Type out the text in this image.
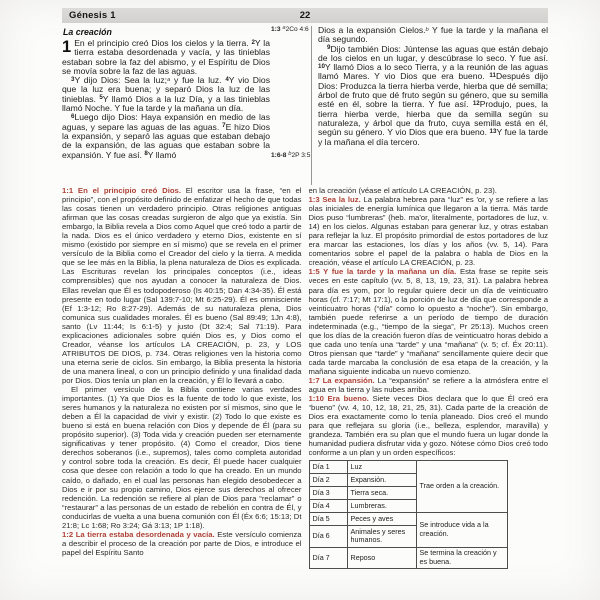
Génesis 1	22
La creación

1 En el principio creó Dios los cielos y la tierra. $^2$Y la tierra estaba desordenada y vacía, y las tinieblas estaban sobre la faz del abismo, y el Espíritu de Dios se movía sobre la faz de las aguas.

$^3$Y dijo Dios: Sea la luz;$^a$ y fue la luz. $^4$Y vio Dios que la luz era buena; y separó Dios la luz de las tinieblas. $^5$Y llamó Dios a la luz Día, y a las tinieblas llamó Noche. Y fue la tarde y la mañana un día.

$^6$Luego dijo Dios: Haya expansión en medio de las aguas, y separe las aguas de las aguas. $^7$E hizo Dios la expansión, y separó las aguas que estaban debajo de la expansión, de las aguas que estaban sobre la expansión. Y fue así. $^8$Y llamó

1:3 $^a$2Co 4:6
1:6-8 $^b$2P 3:5

Dios a la expansión Cielos.$^b$ Y fue la tarde y la mañana el día segundo.

$^9$Dijo también Dios: Júntense las aguas que están debajo de los cielos en un lugar, y descúbrase lo seco. Y fue así. $^{10}$Y llamó Dios a lo seco Tierra, y a la reunión de las aguas llamó Mares. Y vio Dios que era bueno. $^{11}$Después dijo Dios: Produzca la tierra hierba verde, hierba que dé semilla; árbol de fruto que dé fruto según su género, que su semilla esté en él, sobre la tierra. Y fue así. $^{12}$Produjo, pues, la tierra hierba verde, hierba que da semilla según su naturaleza, y árbol que da fruto, cuya semilla está en él, según su género. Y vio Dios que era bueno. $^{13}$Y fue la tarde y la mañana el día tercero.

1:1 En el principio creó Dios. El escritor usa la frase, “en el principio”, con el propósito definido de enfatizar el hecho de que todas las cosas tienen un verdadero principio. Otras religiones antiguas afirman que las cosas creadas surgieron de algo que ya existía. Sin embargo, la Biblia revela a Dios como Aquel que creó todo a partir de la nada. Dios es el único verdadero y eterno Dios, existente en sí mismo (existido por siempre en sí mismo) que se revela en el primer versículo de la Biblia como el Creador del cielo y la tierra. A medida que se lee más en la Biblia, la plena naturaleza de Dios es explicada. Las Escrituras revelan los principales conceptos (i.e., ideas comprensibles) que nos ayudan a conocer la naturaleza de Dios. Ellas revelan que Él es todopoderoso (Is 40:15; Dan 4:34-35). Él está presente en todo lugar (Sal 139:7-10; Mt 6:25-29). Él es omnisciente (Ef 1:3-12; Ro 8:27-29). Además de su naturaleza plena, Dios comunica sus cualidades morales. Él es bueno (Sal 89:49; 1Jn 4:8), santo (Lv 11:44; Is 6:1-5) y justo (Dt 32:4; Sal 71:19). Para explicaciones adicionales sobre quién Dios es, y Dios como el Creador, véanse los artículos LA CREACIÓN, p. 23, y LOS ATRIBUTOS DE DIOS, p. 734. Otras religiones ven la historia como una eterna serie de ciclos. Sin embargo, la Biblia presenta la historia de una manera lineal, o con un principio definido y una finalidad dada por Dios. Dios tenía un plan en la creación, y Él lo llevará a cabo.

El primer versículo de la Biblia contiene varias verdades importantes. (1) Ya que Dios es la fuente de todo lo que existe, los seres humanos y la naturaleza no existen por sí mismos, sino que le deben a Él la capacidad de vivir y existir. (2) Todo lo que existe es bueno si está en buena relación con Dios y depende de Él (para su propósito superior). (3) Toda vida y creación pueden ser eternamente significativas y tener propósito. (4) Como el creador, Dios tiene derechos soberanos (i.e., supremos), tales como completa autoridad y control sobre toda la creación. Es decir, Él puede hacer cualquier cosa que desee con relación a todo lo que ha creado. En un mundo caído, o dañado, en el cual las personas han elegido desobedecer a Dios e ir por su propio camino, Dios ejerce sus derechos al ofrecer redención. La redención se refiere al plan de Dios para “reclamar” o “restaurar” a las personas de un estado de rebelión en contra de Él, y conducirlas de vuelta a una buena comunión con Él (Éx 6:6; 15:13; Dt 21:8; Lc 1:68; Ro 3:24; Gá 3:13; 1P 1:18).

1:2 La tierra estaba desordenada y vacía. Este versículo comienza a describir el proceso de la creación por parte de Dios, e introduce el papel del Espíritu Santo

en la creación (véase el artículo LA CREACIÓN, p. 23).

1:3 Sea la luz. La palabra hebrea para “luz” es 'or, y se refiere a las olas iniciales de energía lumínica que llegaron a la tierra. Más tarde Dios puso “lumbreras” (heb. ma'or, literalmente, portadores de luz, v. 14) en los cielos. Algunas estaban para generar luz, y otras estaban para reflejar la luz. El propósito primordial de estos portadores de luz era marcar las estaciones, los días y los años (vv. 5, 14). Para comentarios sobre el papel de la palabra o habla de Dios en la creación, véase el artículo LA CREACIÓN, p. 23.

1:5 Y fue la tarde y la mañana un día. Esta frase se repite seis veces en este capítulo (vv. 5, 8, 13, 19, 23, 31). La palabra hebrea para día es yom, por lo regular quiere decir un día de veinticuatro horas (cf. 7:17; Mt 17:1), o la porción de luz de día que corresponde a veinticuatro horas (“día” como lo opuesto a “noche”). Sin embargo, también puede referirse a un período de tiempo de duración indeterminada (e.g., “tiempo de la siega”, Pr 25:13). Muchos creen que los días de la creación fueron días de veinticuatro horas debido a que cada uno tenía una “tarde” y una “mañana” (v. 5; cf. Éx 20:11). Otros piensan que “tarde” y “mañana” sencillamente quiere decir que cada tarde marcaba la conclusión de esa etapa de la creación, y la mañana siguiente indicaba un nuevo comienzo.

1:7 La expansión. La “expansión” se refiere a la atmósfera entre el agua en la tierra y las nubes arriba.

1:10 Era bueno. Siete veces Dios declara que lo que Él creó era “bueno” (vv. 4, 10, 12, 18, 21, 25, 31). Cada parte de la creación de Dios era exactamente como lo tenía planeado. Dios creó el mundo para que reflejara su gloria (i.e., belleza, esplendor, maravilla) y grandeza. También era su plan que el mundo fuera un lugar donde la humanidad pudiera disfrutar vida y gozo. Nótese cómo Dios creó todo conforme a un plan y un orden específicos:

Día 1	Luz	Trae orden a la creación.
Día 2	Expansión.	
Día 3	Tierra seca.	
Día 4	Lumbreras.	
Día 5	Peces y aves	Se introduce vida a la creación.
Día 6	Animales y seres humanos.	
Día 7	Reposo	Se termina la creación y es buena.
